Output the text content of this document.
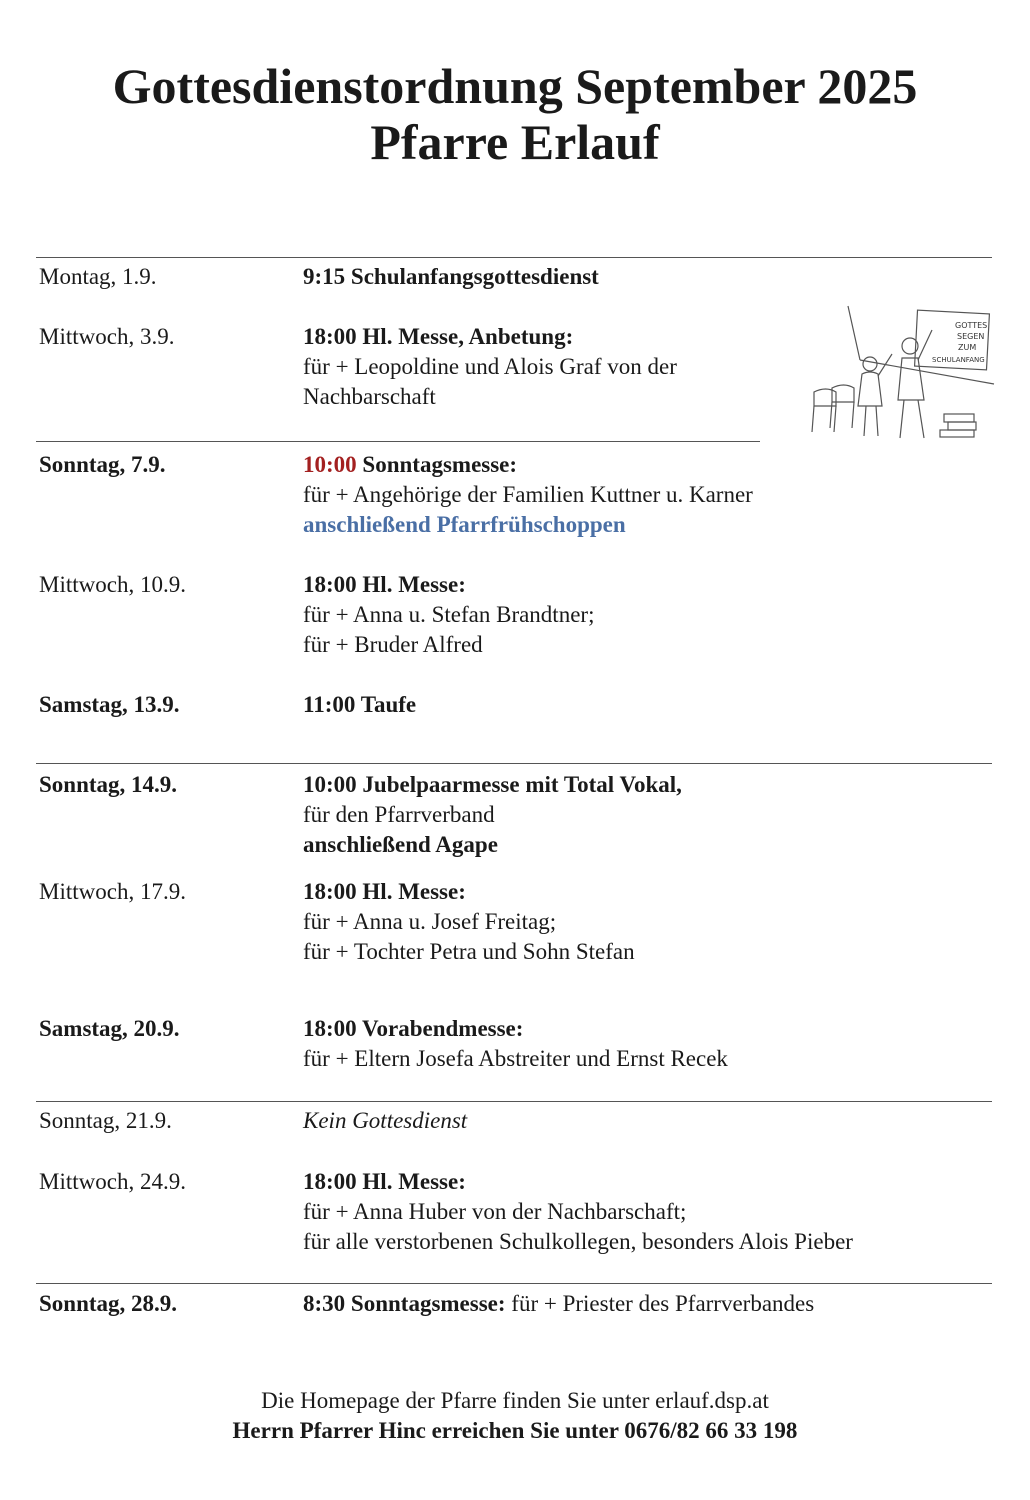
Gottesdienstordnung September 2025
Pfarre Erlauf
Montag, 1.9.	9:15 Schulanfangsgottesdienst
Mittwoch, 3.9.	18:00 Hl. Messe, Anbetung:
für + Leopoldine und Alois Graf von der
Nachbarschaft
GOTTES
SEGEN
ZUM
SCHULANFANG
Sonntag, 7.9.	10:00 Sonntagsmesse:
für + Angehörige der Familien Kuttner u. Karner
anschließend Pfarrfrühschoppen
Mittwoch, 10.9.	18:00 Hl. Messe:
für + Anna u. Stefan Brandtner;
für + Bruder Alfred
Samstag, 13.9.	11:00 Taufe
Sonntag, 14.9.	10:00 Jubelpaarmesse mit Total Vokal,
für den Pfarrverband
anschließend Agape
Mittwoch, 17.9.	18:00 Hl. Messe:
für + Anna u. Josef Freitag;
für + Tochter Petra und Sohn Stefan
Samstag, 20.9.	18:00 Vorabendmesse:
für + Eltern Josefa Abstreiter und Ernst Recek
Sonntag, 21.9.	Kein Gottesdienst
Mittwoch, 24.9.	18:00 Hl. Messe:
für + Anna Huber von der Nachbarschaft;
für alle verstorbenen Schulkollegen, besonders Alois Pieber
Sonntag, 28.9.	8:30 Sonntagsmesse: für + Priester des Pfarrverbandes
Die Homepage der Pfarre finden Sie unter erlauf.dsp.at
Herrn Pfarrer Hinc erreichen Sie unter 0676/82 66 33 198
